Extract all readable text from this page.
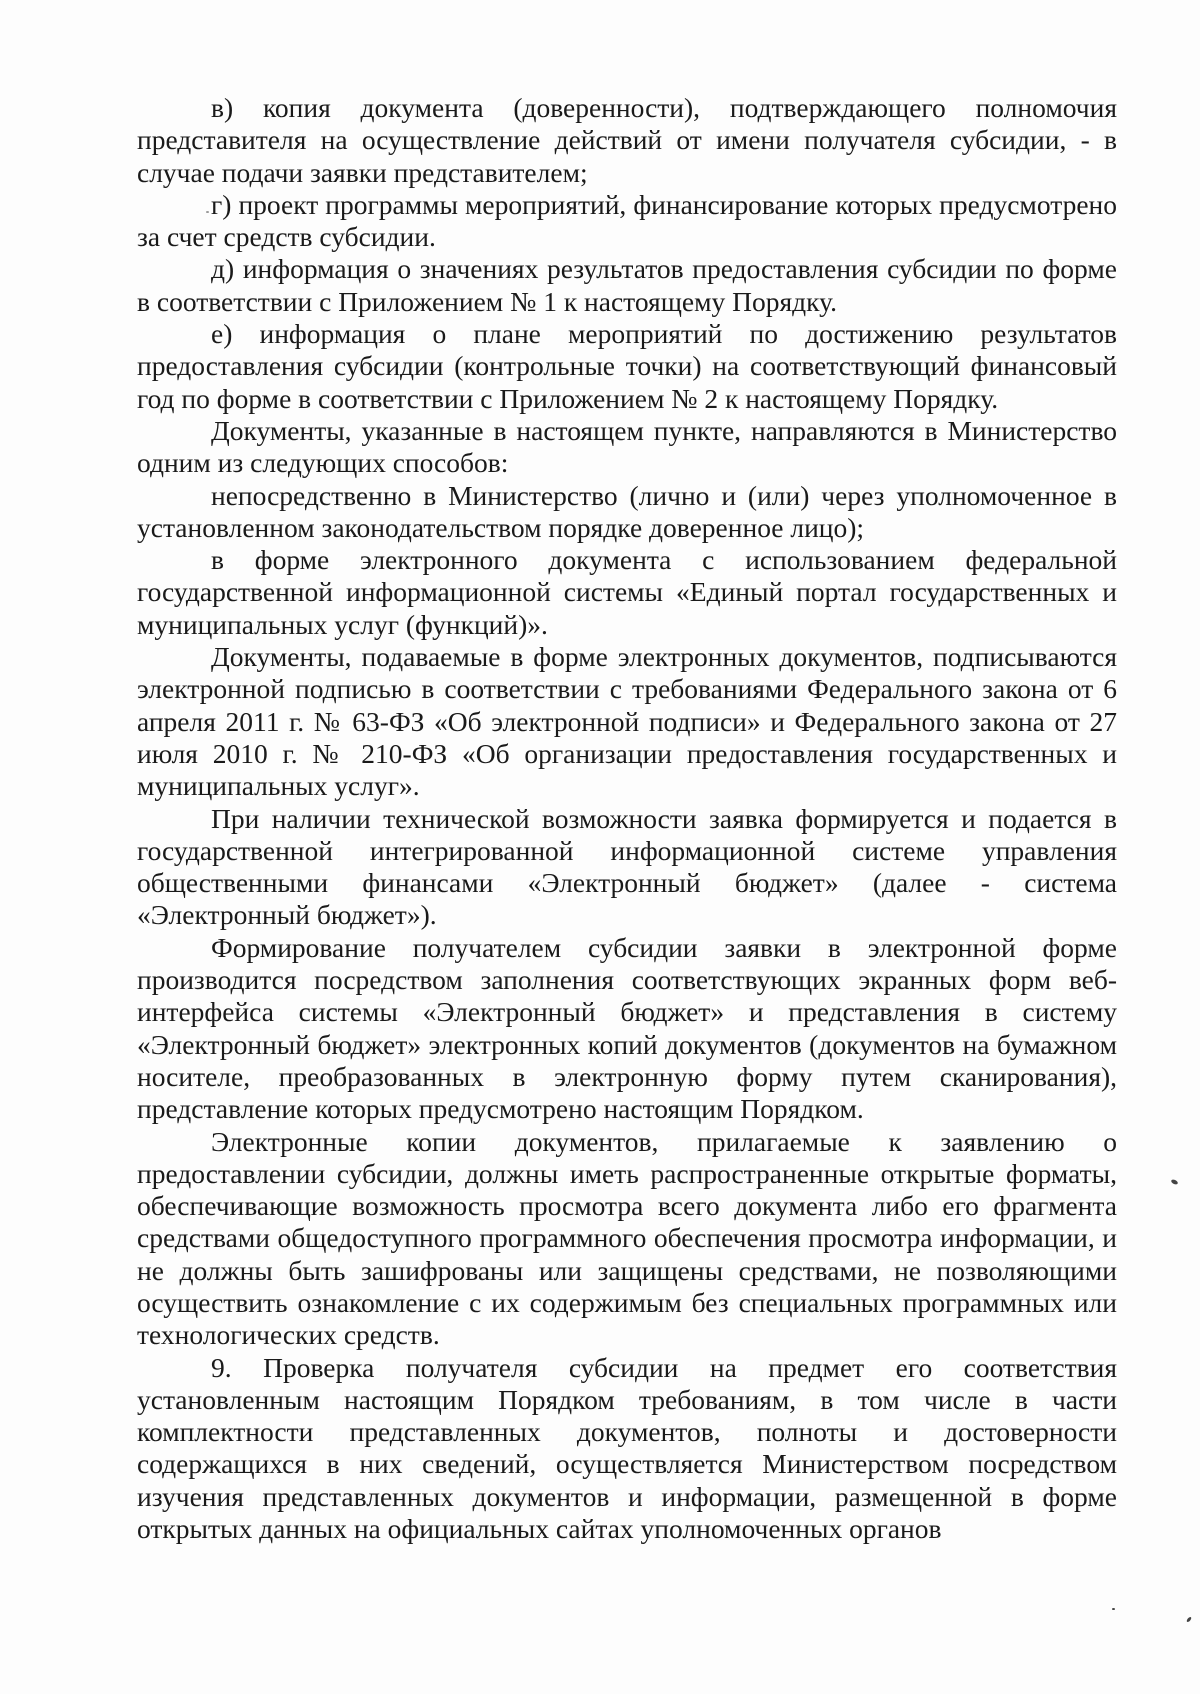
в) копия документа (доверенности), подтверждающего полномочия представителя на осуществление действий от имени получателя субсидии, - в случае подачи заявки представителем;

г) проект программы мероприятий, финансирование которых предусмотрено за счет средств субсидии.

д) информация о значениях результатов предоставления субсидии по форме в соответствии с Приложением № 1 к настоящему Порядку.

е) информация о плане мероприятий по достижению результатов предоставления субсидии (контрольные точки) на соответствующий финансовый год по форме в соответствии с Приложением № 2 к настоящему Порядку.

Документы, указанные в настоящем пункте, направляются в Министерство одним из следующих способов:

непосредственно в Министерство (лично и (или) через уполномоченное в установленном законодательством порядке доверенное лицо);

в форме электронного документа с использованием федеральной государственной информационной системы «Единый портал государственных и муниципальных услуг (функций)».

Документы, подаваемые в форме электронных документов, подписываются электронной подписью в соответствии с требованиями Федерального закона от 6 апреля 2011 г. № 63-ФЗ «Об электронной подписи» и Федерального закона от 27 июля 2010 г. № 210-ФЗ «Об организации предоставления государственных и муниципальных услуг».

При наличии технической возможности заявка формируется и подается в государственной интегрированной информационной системе управления общественными финансами «Электронный бюджет» (далее - система «Электронный бюджет»).

Формирование получателем субсидии заявки в электронной форме производится посредством заполнения соответствующих экранных форм веб-интерфейса системы «Электронный бюджет» и представления в систему «Электронный бюджет» электронных копий документов (документов на бумажном носителе, преобразованных в электронную форму путем сканирования), представление которых предусмотрено настоящим Порядком.

Электронные копии документов, прилагаемые к заявлению о предоставлении субсидии, должны иметь распространенные открытые форматы, обеспечивающие возможность просмотра всего документа либо его фрагмента средствами общедоступного программного обеспечения просмотра информации, и не должны быть зашифрованы или защищены средствами, не позволяющими осуществить ознакомление с их содержимым без специальных программных или технологических средств.

9. Проверка получателя субсидии на предмет его соответствия установленным настоящим Порядком требованиям, в том числе в части комплектности представленных документов, полноты и достоверности содержащихся в них сведений, осуществляется Министерством посредством изучения представленных документов и информации, размещенной в форме открытых данных на официальных сайтах уполномоченных органов
